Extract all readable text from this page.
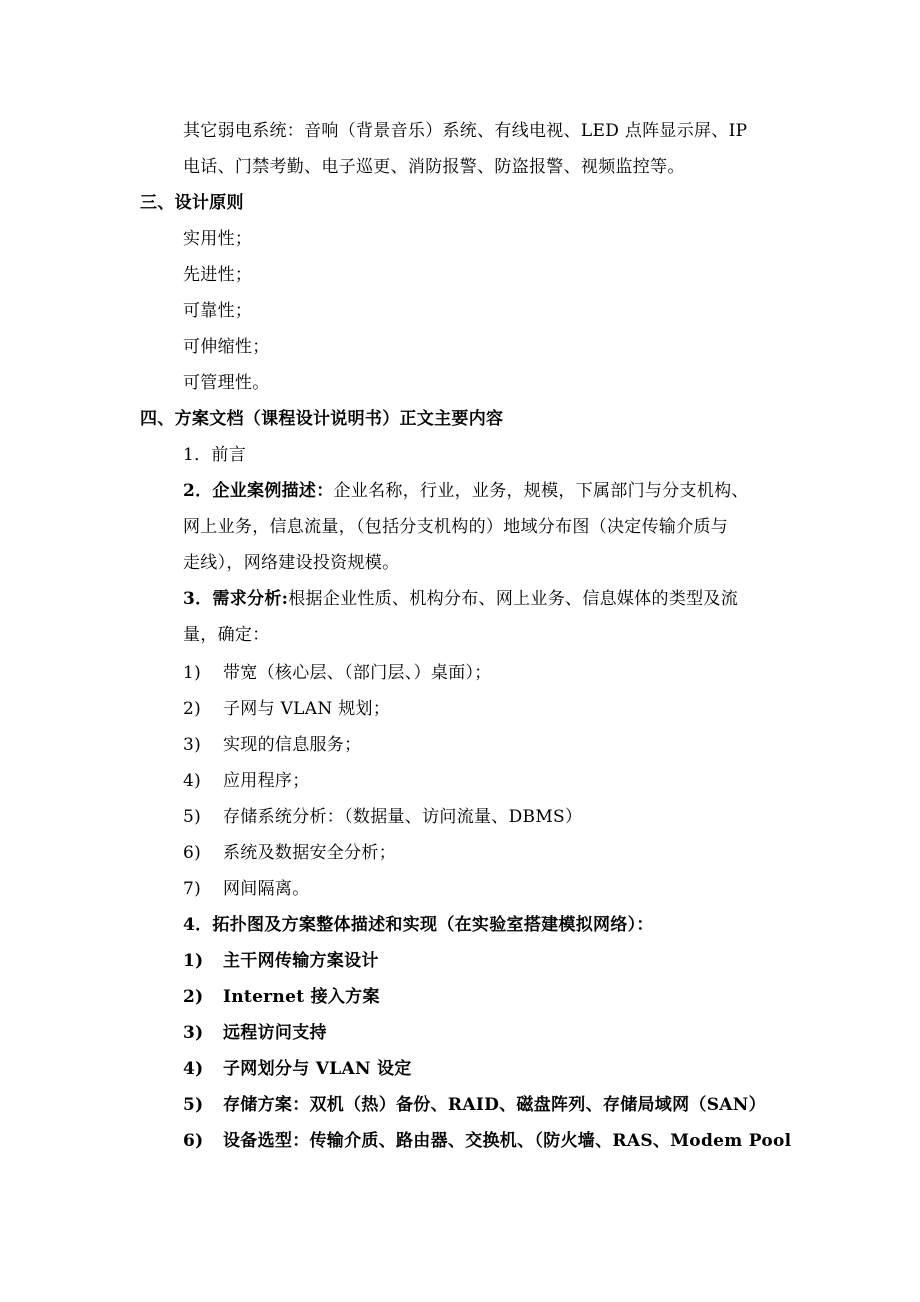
其它弱电系统：音响（背景音乐）系统、有线电视、LED 点阵显示屏、IP
电话、门禁考勤、电子巡更、消防报警、防盗报警、视频监控等。
三、设计原则
实用性；
先进性；
可靠性；
可伸缩性；
可管理性。
四、方案文档（课程设计说明书）正文主要内容
1．前言
2．企业案例描述：企业名称，行业，业务，规模，下属部门与分支机构、
网上业务，信息流量，（包括分支机构的）地域分布图（决定传输介质与
走线），网络建设投资规模。
3．需求分析:根据企业性质、机构分布、网上业务、信息媒体的类型及流
量，确定：
1) 带宽（核心层、（部门层、）桌面）；
2) 子网与 VLAN 规划；
3) 实现的信息服务；
4) 应用程序；
5) 存储系统分析：（数据量、访问流量、DBMS）
6) 系统及数据安全分析；
7) 网间隔离。
4．拓扑图及方案整体描述和实现（在实验室搭建模拟网络）：
1) 主干网传输方案设计
2) Internet 接入方案
3) 远程访问支持
4) 子网划分与 VLAN 设定
5) 存储方案：双机（热）备份、RAID、磁盘阵列、存储局域网（SAN）
6) 设备选型：传输介质、路由器、交换机、（防火墙、RAS、Modem Pool
